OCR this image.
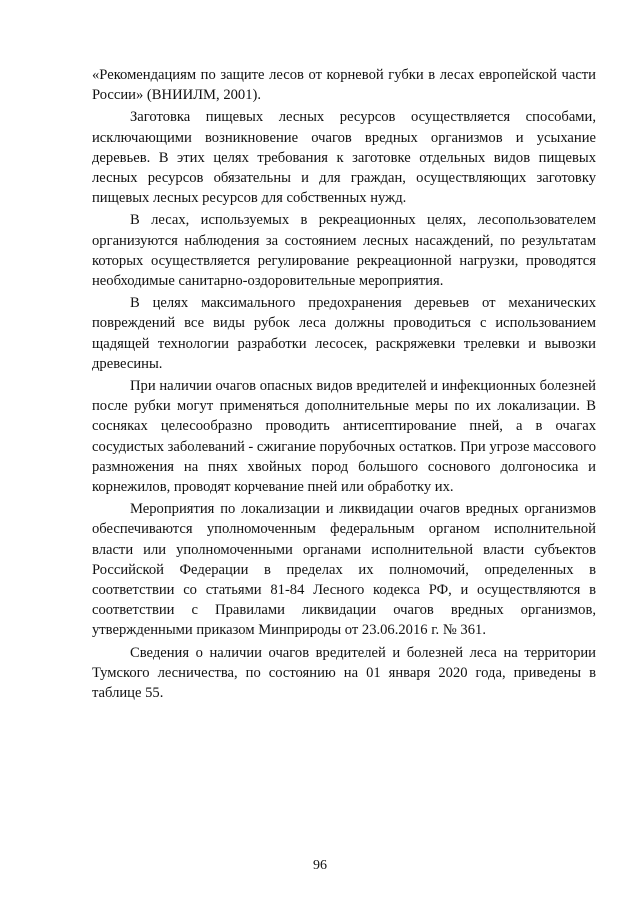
«Рекомендациям по защите лесов от корневой губки в лесах европейской части России» (ВНИИЛМ, 2001).

Заготовка пищевых лесных ресурсов осуществляется способами, исключающими возникновение очагов вредных организмов и усыхание деревьев. В этих целях требования к заготовке отдельных видов пищевых лесных ресурсов обязательны и для граждан, осуществляющих заготовку пищевых лесных ресурсов для собственных нужд.

В лесах, используемых в рекреационных целях, лесопользователем организуются наблюдения за состоянием лесных насаждений, по результатам которых осуществляется регулирование рекреационной нагрузки, проводятся необходимые санитарно-оздоровительные мероприятия.

В целях максимального предохранения деревьев от механических повреждений все виды рубок леса должны проводиться с использованием щадящей технологии разработки лесосек, раскряжевки трелевки и вывозки древесины.

При наличии очагов опасных видов вредителей и инфекционных болезней после рубки могут применяться дополнительные меры по их локализации. В сосняках целесообразно проводить антисептирование пней, а в очагах сосудистых заболеваний - сжигание порубочных остатков. При угрозе массового размножения на пнях хвойных пород большого соснового долгоносика и корнежилов, проводят корчевание пней или обработку их.

Мероприятия по локализации и ликвидации очагов вредных организмов обеспечиваются уполномоченным федеральным органом исполнительной власти или уполномоченными органами исполнительной власти субъектов Российской Федерации в пределах их полномочий, определенных в соответствии со статьями 81-84 Лесного кодекса РФ, и осуществляются в соответствии с Правилами ликвидации очагов вредных организмов, утвержденными приказом Минприроды от 23.06.2016 г. № 361.

Сведения о наличии очагов вредителей и болезней леса на территории Тумского лесничества, по состоянию на 01 января 2020 года, приведены в таблице 55.

96
